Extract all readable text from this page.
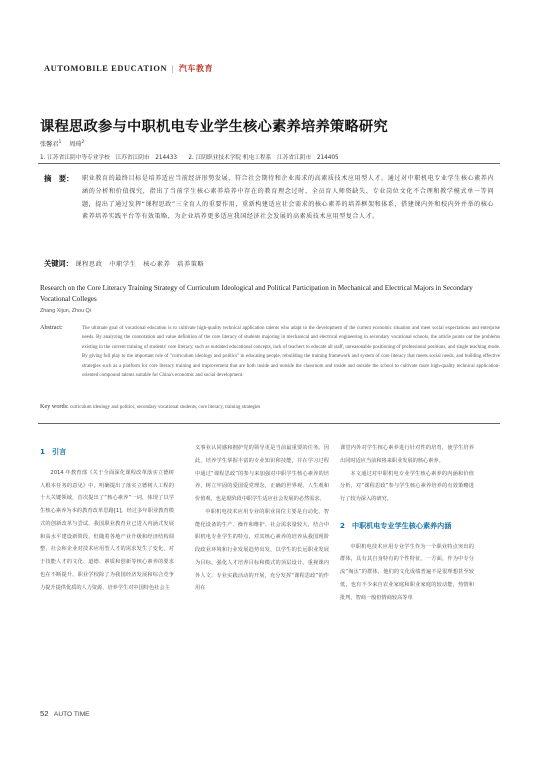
AUTOMOBILE EDUCATION | 汽车教育
课程思政参与中职机电专业学生核心素养培养策略研究
张馨君$^1$ 周琦$^2$
1. 江苏省江阴中等专业学校　江苏省江阴市　214433　　2. 江阴职业技术学院 机电工程系　江苏省江阴市　214405
摘　要： 职业教育的最终目标是培养适应当前经济形势发展、符合社会期待和企业需求的高素质技术应用型人才。通过对中职机电专业学生核心素养内涵的分析和价值探究，指出了当前学生核心素养培养中存在的教育理念过时、全员育人师资缺失、专业岗位文化不合理和教学模式单一等问题，提出了通过发挥“课程思政”三全育人的重要作用，重新构建适应社会需求的核心素养的培养框架和体系，搭建课内外和校内外并举的核心素养培养实践平台等有效策略，为企业培养更多适应我国经济社会发展的高素质技术应用型复合人才。
关键词： 课程思政　中职学生　核心素养　培养策略
Research on the Core Literacy Training Strategy of Curriculum Ideological and Political Participation in Mechanical and Electrical Majors in Secondary Vocational Colleges
Zhang Xijun, Zhou Qi
Abstract:	The ultimate goal of vocational education is to cultivate high-quality technical application talents who adapt to the development of the current economic situation and meet social expectations and enterprise needs. By analyzing the connotation and value definition of the core literacy of students majoring in mechanical and electrical engineering in secondary vocational schools, the article points out the problems existing in the current training of students' core literacy, such as outdated educational concepts, lack of teachers to educate all staff, unreasonable positioning of professional positions, and single teaching mode. By giving full play to the important role of "curriculum ideology and politics" in educating people, rebuilding the training framework and system of core literacy that meets social needs, and building effective strategies such as a platform for core literacy training and improvement that are both inside and outside the classroom and inside and outside the school to cultivate more high-quality technical application-oriented compound talents suitable for China's economic and social development.
Key words: curriculum ideology and politics, secondary vocational students, core literacy, training strategies
1　引言
2014 年教育部《关于全面深化课程改革落实立德树人根本任务的意见》中，明确提出了落实立德树人工程的十大关键领域，首次提出了“核心素养”一词，体现了以学生核心素养为本的教育改革思路[1]。经过多年职业教育模式的创新改革与尝试，我国职业教育业已进入内涵式发展和高水平建设新阶段，但随着各地产业升级和经济结构调整，社会和企业对技术应用型人才的需求发生了变化，对于技能人才的文化、道德、素质和创新等核心素养的要求也在不断提升。职业学校除了为我国经济发展和综合竞争力提升提供优质的人力资源，培养学生对中国特色社会主
义事业认同感和拥护党的领导更是当前最重要的任务。因此，培养学生掌握丰富的专业知识和技能，并在学习过程中通过“课程思政”的参与来加强对中职学生核心素养的培养，树立牢固的爱国爱党理念，正确的世界观、人生观和价值观，也是現阶段中职学生适应社会发展的必然需求。
中职机电技术应用专业的职业岗位主要是自动化、智能化设备的生产、操作和维护、社会需求量较大，结合中职机电专业学生的特点，对其核心素养的培养从我国现阶段政业环境和行业发展趋势出发，以学生的长远职业发展为目标，强化人才培养目标和模式的顶层设计，重视课内外人文、专业实践活动的开展，充分发挥“课程思政”的作用在
课堂内外对学生核心素养进行针对性的培育，使学生培养出同时适应当前和将来职业发展的核心素养。
本文通过对中职机电专业学生核心素养的内涵和价值分析，对“课程思政”参与学生核心素养培养的有效策略进行了较为深入的研究。
2　中职机电专业学生核心素养内涵
中职机电技术应用专业学生作为一个职业特点突出的群体，具有其自身特有的个性特征。一方面，作为中专分流“淘汰”的群体，他们的文化成绩普遍不是很理想甚至较低，也有不少来自农业家庭和职业家庭的较动能，热情和批判，智商一般但情商较高等单
52 AUTO TIME
